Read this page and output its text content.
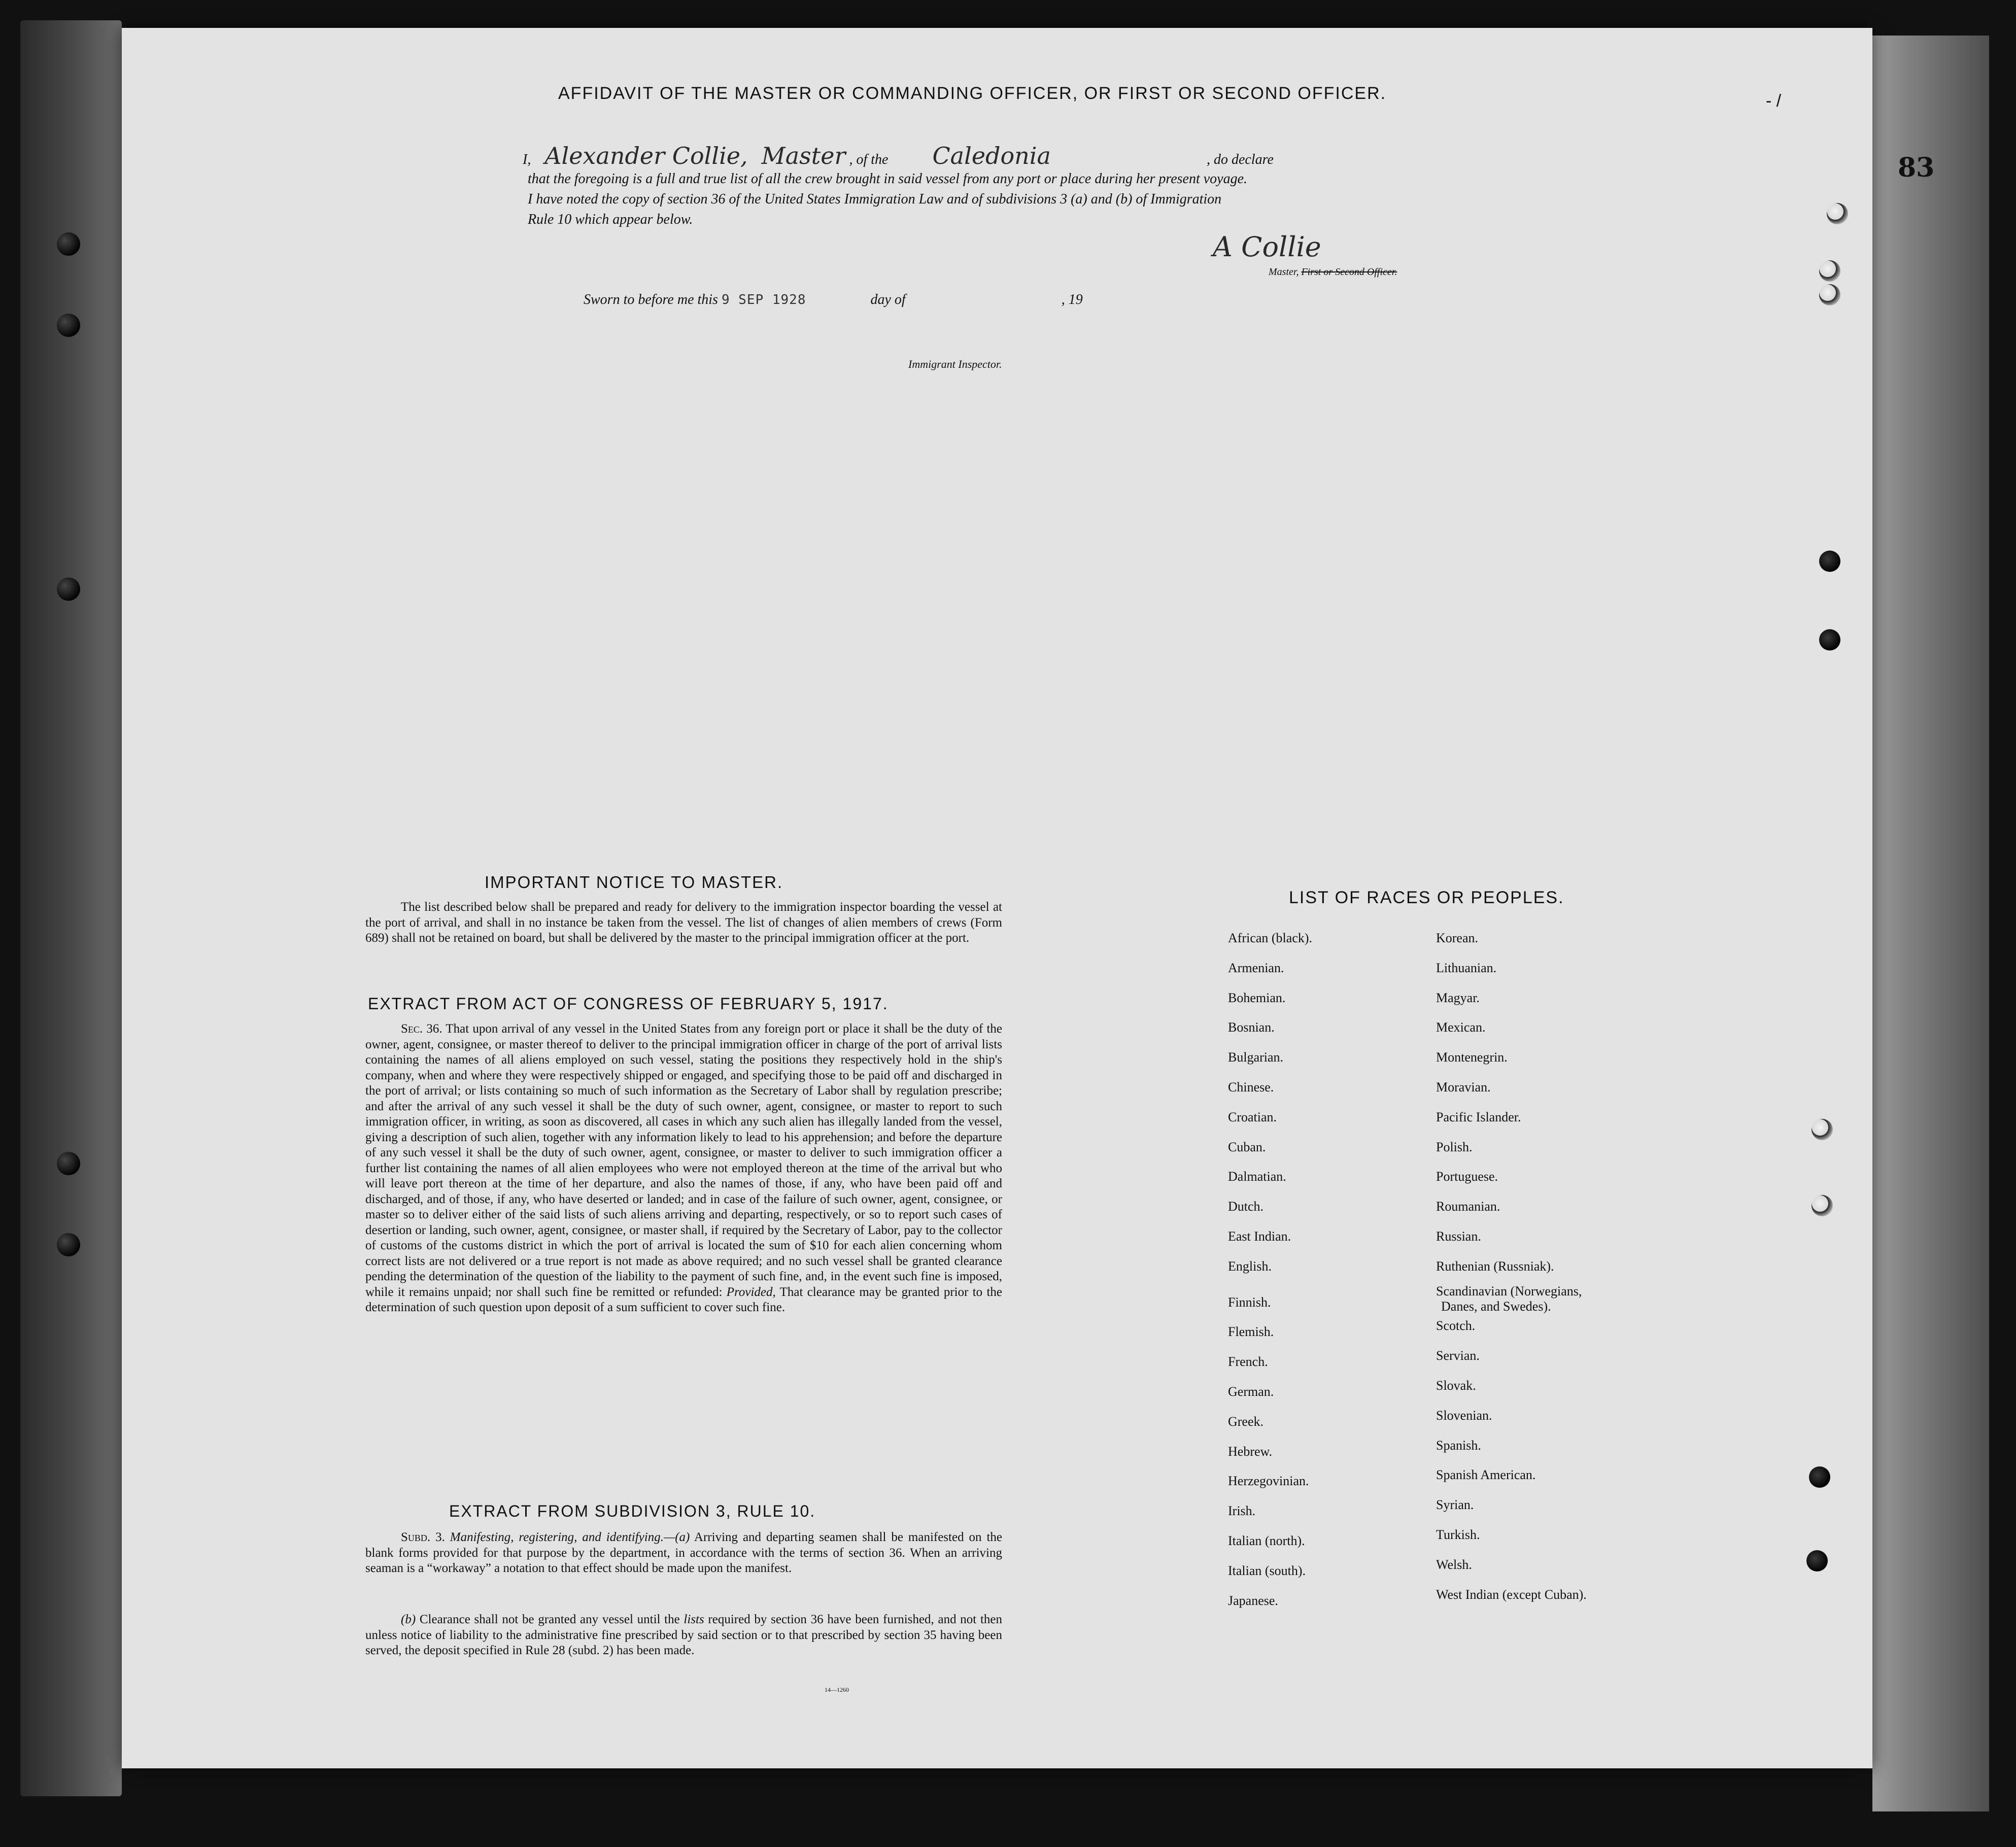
83
AFFIDAVIT OF THE MASTER OR COMMANDING OFFICER, OR FIRST OR SECOND OFFICER.	- /
I, Alexander Collie, Master , of the Caledonia	, do declare
that the foregoing is a full and true list of all the crew brought in said vessel from any port or place during her present voyage.
I have noted the copy of section 36 of the United States Immigration Law and of subdivisions 3 (a) and (b) of Immigration
Rule 10 which appear below.
A Collie
Master, First or Second Officer.
Sworn to before me this 9 SEP 1928	day of	, 19
Immigrant Inspector.
IMPORTANT NOTICE TO MASTER.

The list described below shall be prepared and ready for delivery to the immigration inspector boarding the vessel at the port of arrival, and shall in no instance be taken from the vessel. The list of changes of alien members of crews (Form 689) shall not be retained on board, but shall be delivered by the master to the principal immigration officer at the port.

EXTRACT FROM ACT OF CONGRESS OF FEBRUARY 5, 1917.

Sec. 36. That upon arrival of any vessel in the United States from any foreign port or place it shall be the duty of the owner, agent, consignee, or master thereof to deliver to the principal immigration officer in charge of the port of arrival lists containing the names of all aliens employed on such vessel, stating the positions they respectively hold in the ship's company, when and where they were respectively shipped or engaged, and specifying those to be paid off and discharged in the port of arrival; or lists containing so much of such information as the Secretary of Labor shall by regulation prescribe; and after the arrival of any such vessel it shall be the duty of such owner, agent, consignee, or master to report to such immigration officer, in writing, as soon as discovered, all cases in which any such alien has illegally landed from the vessel, giving a description of such alien, together with any information likely to lead to his apprehension; and before the departure of any such vessel it shall be the duty of such owner, agent, consignee, or master to deliver to such immigration officer a further list containing the names of all alien employees who were not employed thereon at the time of the arrival but who will leave port thereon at the time of her departure, and also the names of those, if any, who have been paid off and discharged, and of those, if any, who have deserted or landed; and in case of the failure of such owner, agent, consignee, or master so to deliver either of the said lists of such aliens arriving and departing, respectively, or so to report such cases of desertion or landing, such owner, agent, consignee, or master shall, if required by the Secretary of Labor, pay to the collector of customs of the customs district in which the port of arrival is located the sum of $10 for each alien concerning whom correct lists are not delivered or a true report is not made as above required; and no such vessel shall be granted clearance pending the determination of the question of the liability to the payment of such fine, and, in the event such fine is imposed, while it remains unpaid; nor shall such fine be remitted or refunded: Provided, That clearance may be granted prior to the determination of such question upon deposit of a sum sufficient to cover such fine.

EXTRACT FROM SUBDIVISION 3, RULE 10.

Subd. 3. Manifesting, registering, and identifying.—(a) Arriving and departing seamen shall be manifested on the blank forms provided for that purpose by the department, in accordance with the terms of section 36. When an arriving seaman is a “workaway” a notation to that effect should be made upon the manifest.

(b) Clearance shall not be granted any vessel until the lists required by section 36 have been furnished, and not then unless notice of liability to the administrative fine prescribed by said section or to that prescribed by section 35 having been served, the deposit specified in Rule 28 (subd. 2) has been made.

14—1260
LIST OF RACES OR PEOPLES.
African (black).
Armenian.
Bohemian.
Bosnian.
Bulgarian.
Chinese.
Croatian.
Cuban.
Dalmatian.
Dutch.
East Indian.
English.
Finnish.
Flemish.
French.
German.
Greek.
Hebrew.
Herzegovinian.
Irish.
Italian (north).
Italian (south).
Japanese.
Korean.
Lithuanian.
Magyar.
Mexican.
Montenegrin.
Moravian.
Pacific Islander.
Polish.
Portuguese.
Roumanian.
Russian.
Ruthenian (Russniak).
Scandinavian (Norwegians,
Danes, and Swedes).
Scotch.
Servian.
Slovak.
Slovenian.
Spanish.
Spanish American.
Syrian.
Turkish.
Welsh.
West Indian (except Cuban).
